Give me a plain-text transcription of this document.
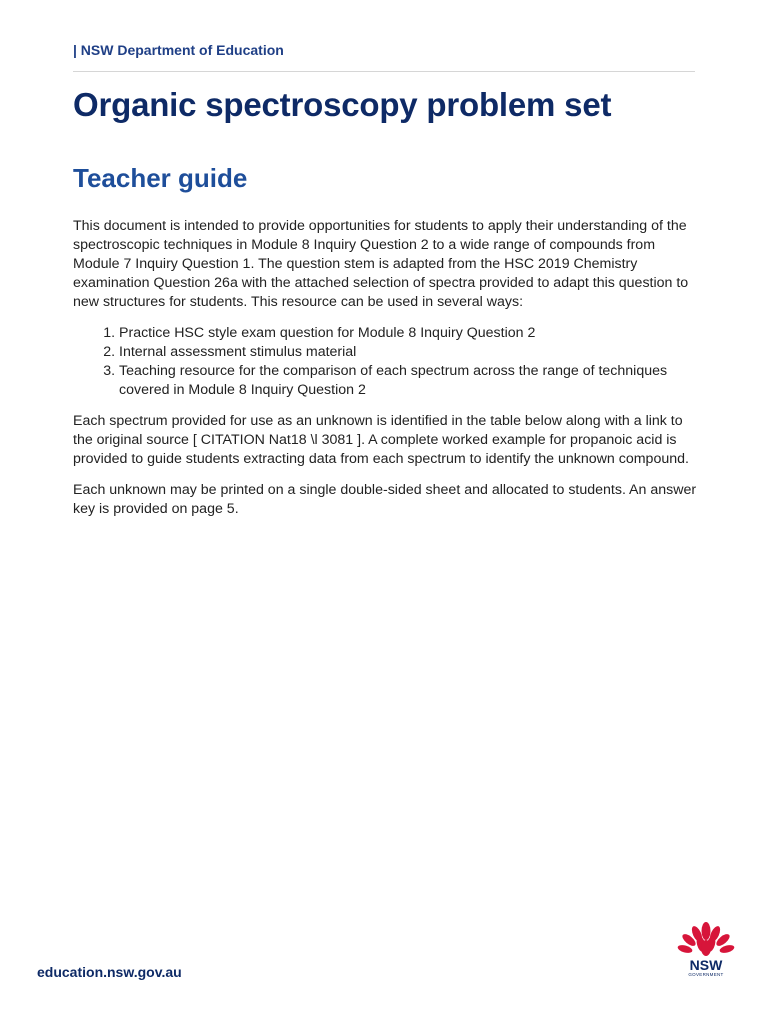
| NSW Department of Education
Organic spectroscopy problem set
Teacher guide

This document is intended to provide opportunities for students to apply their understanding of the spectroscopic techniques in Module 8 Inquiry Question 2 to a wide range of compounds from Module 7 Inquiry Question 1. The question stem is adapted from the HSC 2019 Chemistry examination Question 26a with the attached selection of spectra provided to adapt this question to new structures for students. This resource can be used in several ways:

1. Practice HSC style exam question for Module 8 Inquiry Question 2
2. Internal assessment stimulus material
3. Teaching resource for the comparison of each spectrum across the range of techniques covered in Module 8 Inquiry Question 2

Each spectrum provided for use as an unknown is identified in the table below along with a link to the original source [ CITATION Nat18 \l 3081 ]. A complete worked example for propanoic acid is provided to guide students extracting data from each spectrum to identify the unknown compound.

Each unknown may be printed on a single double-sided sheet and allocated to students. An answer key is provided on page 5.

education.nsw.gov.au	NSW
GOVERNMENT
